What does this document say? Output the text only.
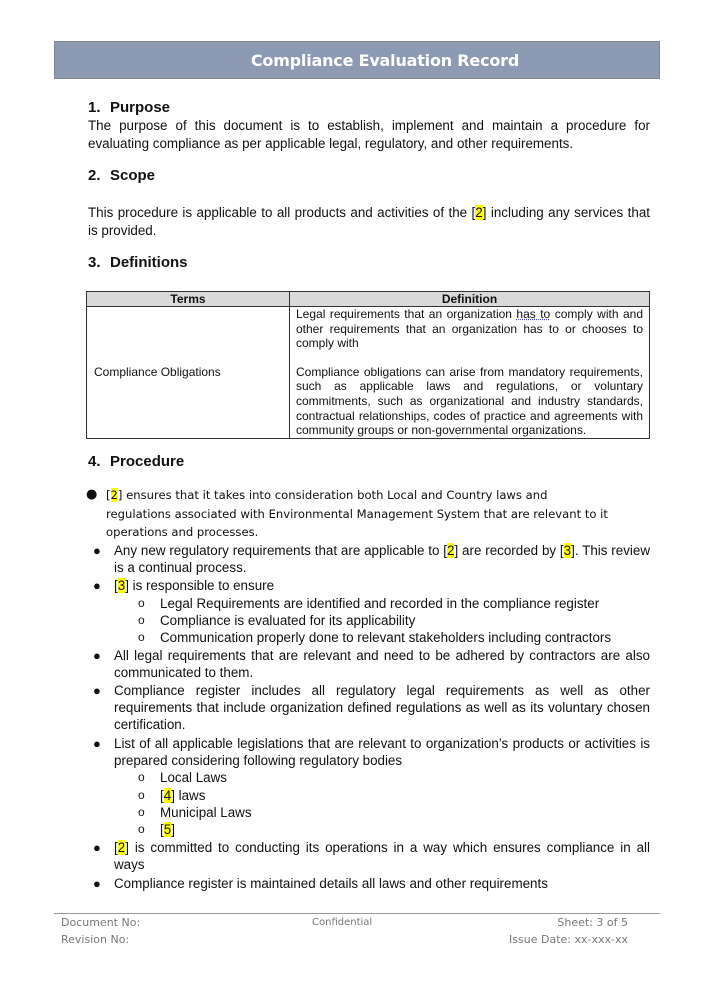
Compliance Evaluation Record
1. Purpose
The purpose of this document is to establish, implement and maintain a procedure for evaluating compliance as per applicable legal, regulatory, and other requirements.
2. Scope
This procedure is applicable to all products and activities of the [2] including any services that is provided.
3. Definitions
Terms	Definition
Compliance Obligations	Legal requirements that an organization has to comply with and other requirements that an organization has to or chooses to comply with

Compliance obligations can arise from mandatory requirements, such as applicable laws and regulations, or voluntary commitments, such as organizational and industry standards, contractual relationships, codes of practice and agreements with community groups or non-governmental organizations.

4. Procedure
● [2] ensures that it takes into consideration both Local and Country laws and regulations associated with Environmental Management System that are relevant to it operations and processes.
● Any new regulatory requirements that are applicable to [2] are recorded by [3]. This review is a continual process.
● [3] is responsible to ensure
o Legal Requirements are identified and recorded in the compliance register
o Compliance is evaluated for its applicability
o Communication properly done to relevant stakeholders including contractors
● All legal requirements that are relevant and need to be adhered by contractors are also communicated to them.
● Compliance register includes all regulatory legal requirements as well as other requirements that include organization defined regulations as well as its voluntary chosen certification.
● List of all applicable legislations that are relevant to organization’s products or activities is prepared considering following regulatory bodies
o Local Laws
o [4] laws
o Municipal Laws
o [5]
● [2] is committed to conducting its operations in a way which ensures compliance in all ways
● Compliance register is maintained details all laws and other requirements
Document No:
Revision No:
Confidential	Sheet: 3 of 5
Issue Date: xx-xxx-xx
